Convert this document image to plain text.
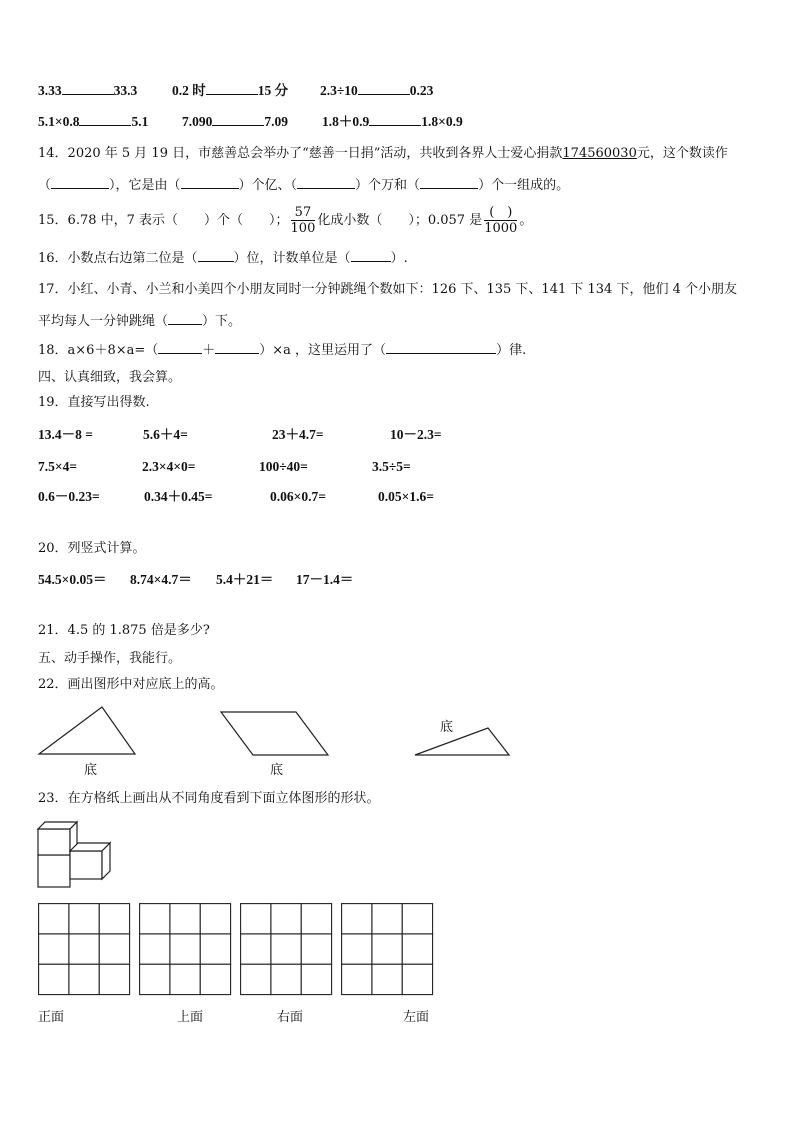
3.33	33.3	0.2 时	15 分 2.3÷10	0.23
5.1×0.8	5.1 7.090	7.09	1.8＋0.9	1.8×0.9
14．2020 年 5 月 19 日，市慈善总会举办了“慈善一日捐”活动，共收到各界人士爱心捐款174560030元，这个数读作
（	），它是由（	）个亿、（	）个万和（	）个一组成的。
15．6.78 中，7 表示（　　）个（　　）； $\frac{57}{100}$ 化成小数（　　）；0.057 是 $\frac{( )}{1000}$ 。
16．小数点右边第二位是（	）位，计数单位是（	）.
17．小红、小青、小兰和小美四个小朋友同时一分钟跳绳个数如下：126 下、135 下、141 下 134 下，他们 4 个小朋友
平均每人一分钟跳绳（	）下。
18．a×6＋8×a=（	＋	）×a ，这里运用了（	）律.
四、认真细致，我会算。
19．直接写出得数.
13.4－8 =	5.6＋4=	23＋4.7=	10－2.3=
7.5×4=	2.3×4×0=	100÷40=	3.5÷5=
0.6－0.23=	0.34＋0.45=	0.06×0.7=	0.05×1.6=
20．列竖式计算。
54.5×0.05＝ 8.74×4.7＝ 5.4＋21＝ 17－1.4＝
21．4.5 的 1.875 倍是多少?
五、动手操作，我能行。
22．画出图形中对应底上的高。
底	底
底
23．在方格纸上画出从不同角度看到下面立体图形的形状。
正面	上面	右面	左面
